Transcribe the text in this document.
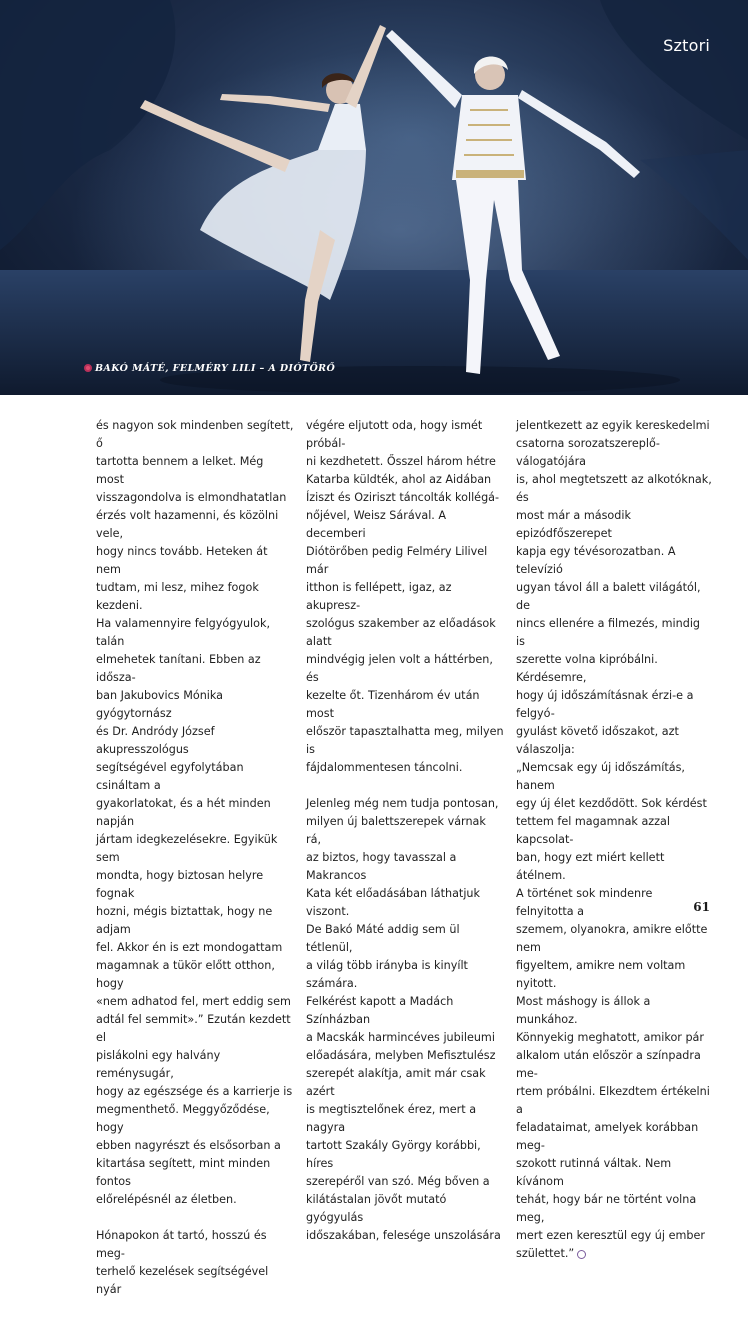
Sztori
BAKÓ MÁTÉ, FELMÉRY LILI – A DIÓTÖRŐ

és nagyon sok mindenben segített, ő
tartotta bennem a lelket. Még most
visszagondolva is elmondhatatlan
érzés volt hazamenni, és közölni vele,
hogy nincs tovább. Heteken át nem
tudtam, mi lesz, mihez fogok kezdeni.
Ha valamennyire felgyógyulok, talán
elmehetek tanítani. Ebben az idősza-
ban Jakubovics Mónika gyógytornász
és Dr. Andródy József akupresszológus
segítségével egyfolytában csináltam a
gyakorlatokat, és a hét minden napján
jártam idegkezelésekre. Egyikük sem
mondta, hogy biztosan helyre fognak
hozni, mégis biztattak, hogy ne adjam
fel. Akkor én is ezt mondogattam
magamnak a tükör előtt otthon, hogy
«nem adhatod fel, mert eddig sem
adtál fel semmit».” Ezután kezdett el
pislákolni egy halvány reménysugár,
hogy az egészsége és a karrierje is
megmenthető. Meggyőződése, hogy
ebben nagyrészt és elsősorban a
kitartása segített, mint minden fontos
előrelépésnél az életben.

Hónapokon át tartó, hosszú és meg-
terhelő kezelések segítségével nyár

végére eljutott oda, hogy ismét próbál-
ni kezdhetett. Ősszel három hétre
Katarba küldték, ahol az Aidában
Íziszt és Oziriszt táncolták kollégá-
nőjével, Weisz Sárával. A decemberi
Diótörőben pedig Felméry Lilivel már
itthon is fellépett, igaz, az akupresz-
szológus szakember az előadások alatt
mindvégig jelen volt a háttérben, és
kezelte őt. Tizenhárom év után most
először tapasztalhatta meg, milyen is
fájdalommentesen táncolni.

Jelenleg még nem tudja pontosan,
milyen új balettszerepek várnak rá,
az biztos, hogy tavasszal a Makrancos
Kata két előadásában láthatjuk viszont.
De Bakó Máté addig sem ül tétlenül,
a világ több irányba is kinyílt számára.
Felkérést kapott a Madách Színházban
a Macskák harmincéves jubileumi
előadására, melyben Mefisztulész
szerepét alakítja, amit már csak azért
is megtisztelőnek érez, mert a nagyra
tartott Szakály György korábbi, híres
szerepéről van szó. Még bőven a
kilátástalan jövőt mutató gyógyulás
időszakában, felesége unszolására

jelentkezett az egyik kereskedelmi
csatorna sorozatszereplő-válogatójára
is, ahol megtetszett az alkotóknak, és
most már a második epizódfőszerepet
kapja egy tévésorozatban. A televízió
ugyan távol áll a balett világától, de
nincs ellenére a filmezés, mindig is
szerette volna kipróbálni. Kérdésemre,
hogy új időszámításnak érzi-e a felgyó-
gyulást követő időszakot, azt válaszolja:
„Nemcsak egy új időszámítás, hanem
egy új élet kezdődött. Sok kérdést
tettem fel magamnak azzal kapcsolat-
ban, hogy ezt miért kellett átélnem.
A történet sok mindenre felnyitotta a
szemem, olyanokra, amikre előtte nem
figyeltem, amikre nem voltam nyitott.
Most máshogy is állok a munkához.
Könnyekig meghatott, amikor pár
alkalom után először a színpadra me-
rtem próbálni. Elkezdtem értékelni a
feladataimat, amelyek korábban meg-
szokott rutinná váltak. Nem kívánom
tehát, hogy bár ne történt volna meg,
mert ezen keresztül egy új ember
születtet.”

61
